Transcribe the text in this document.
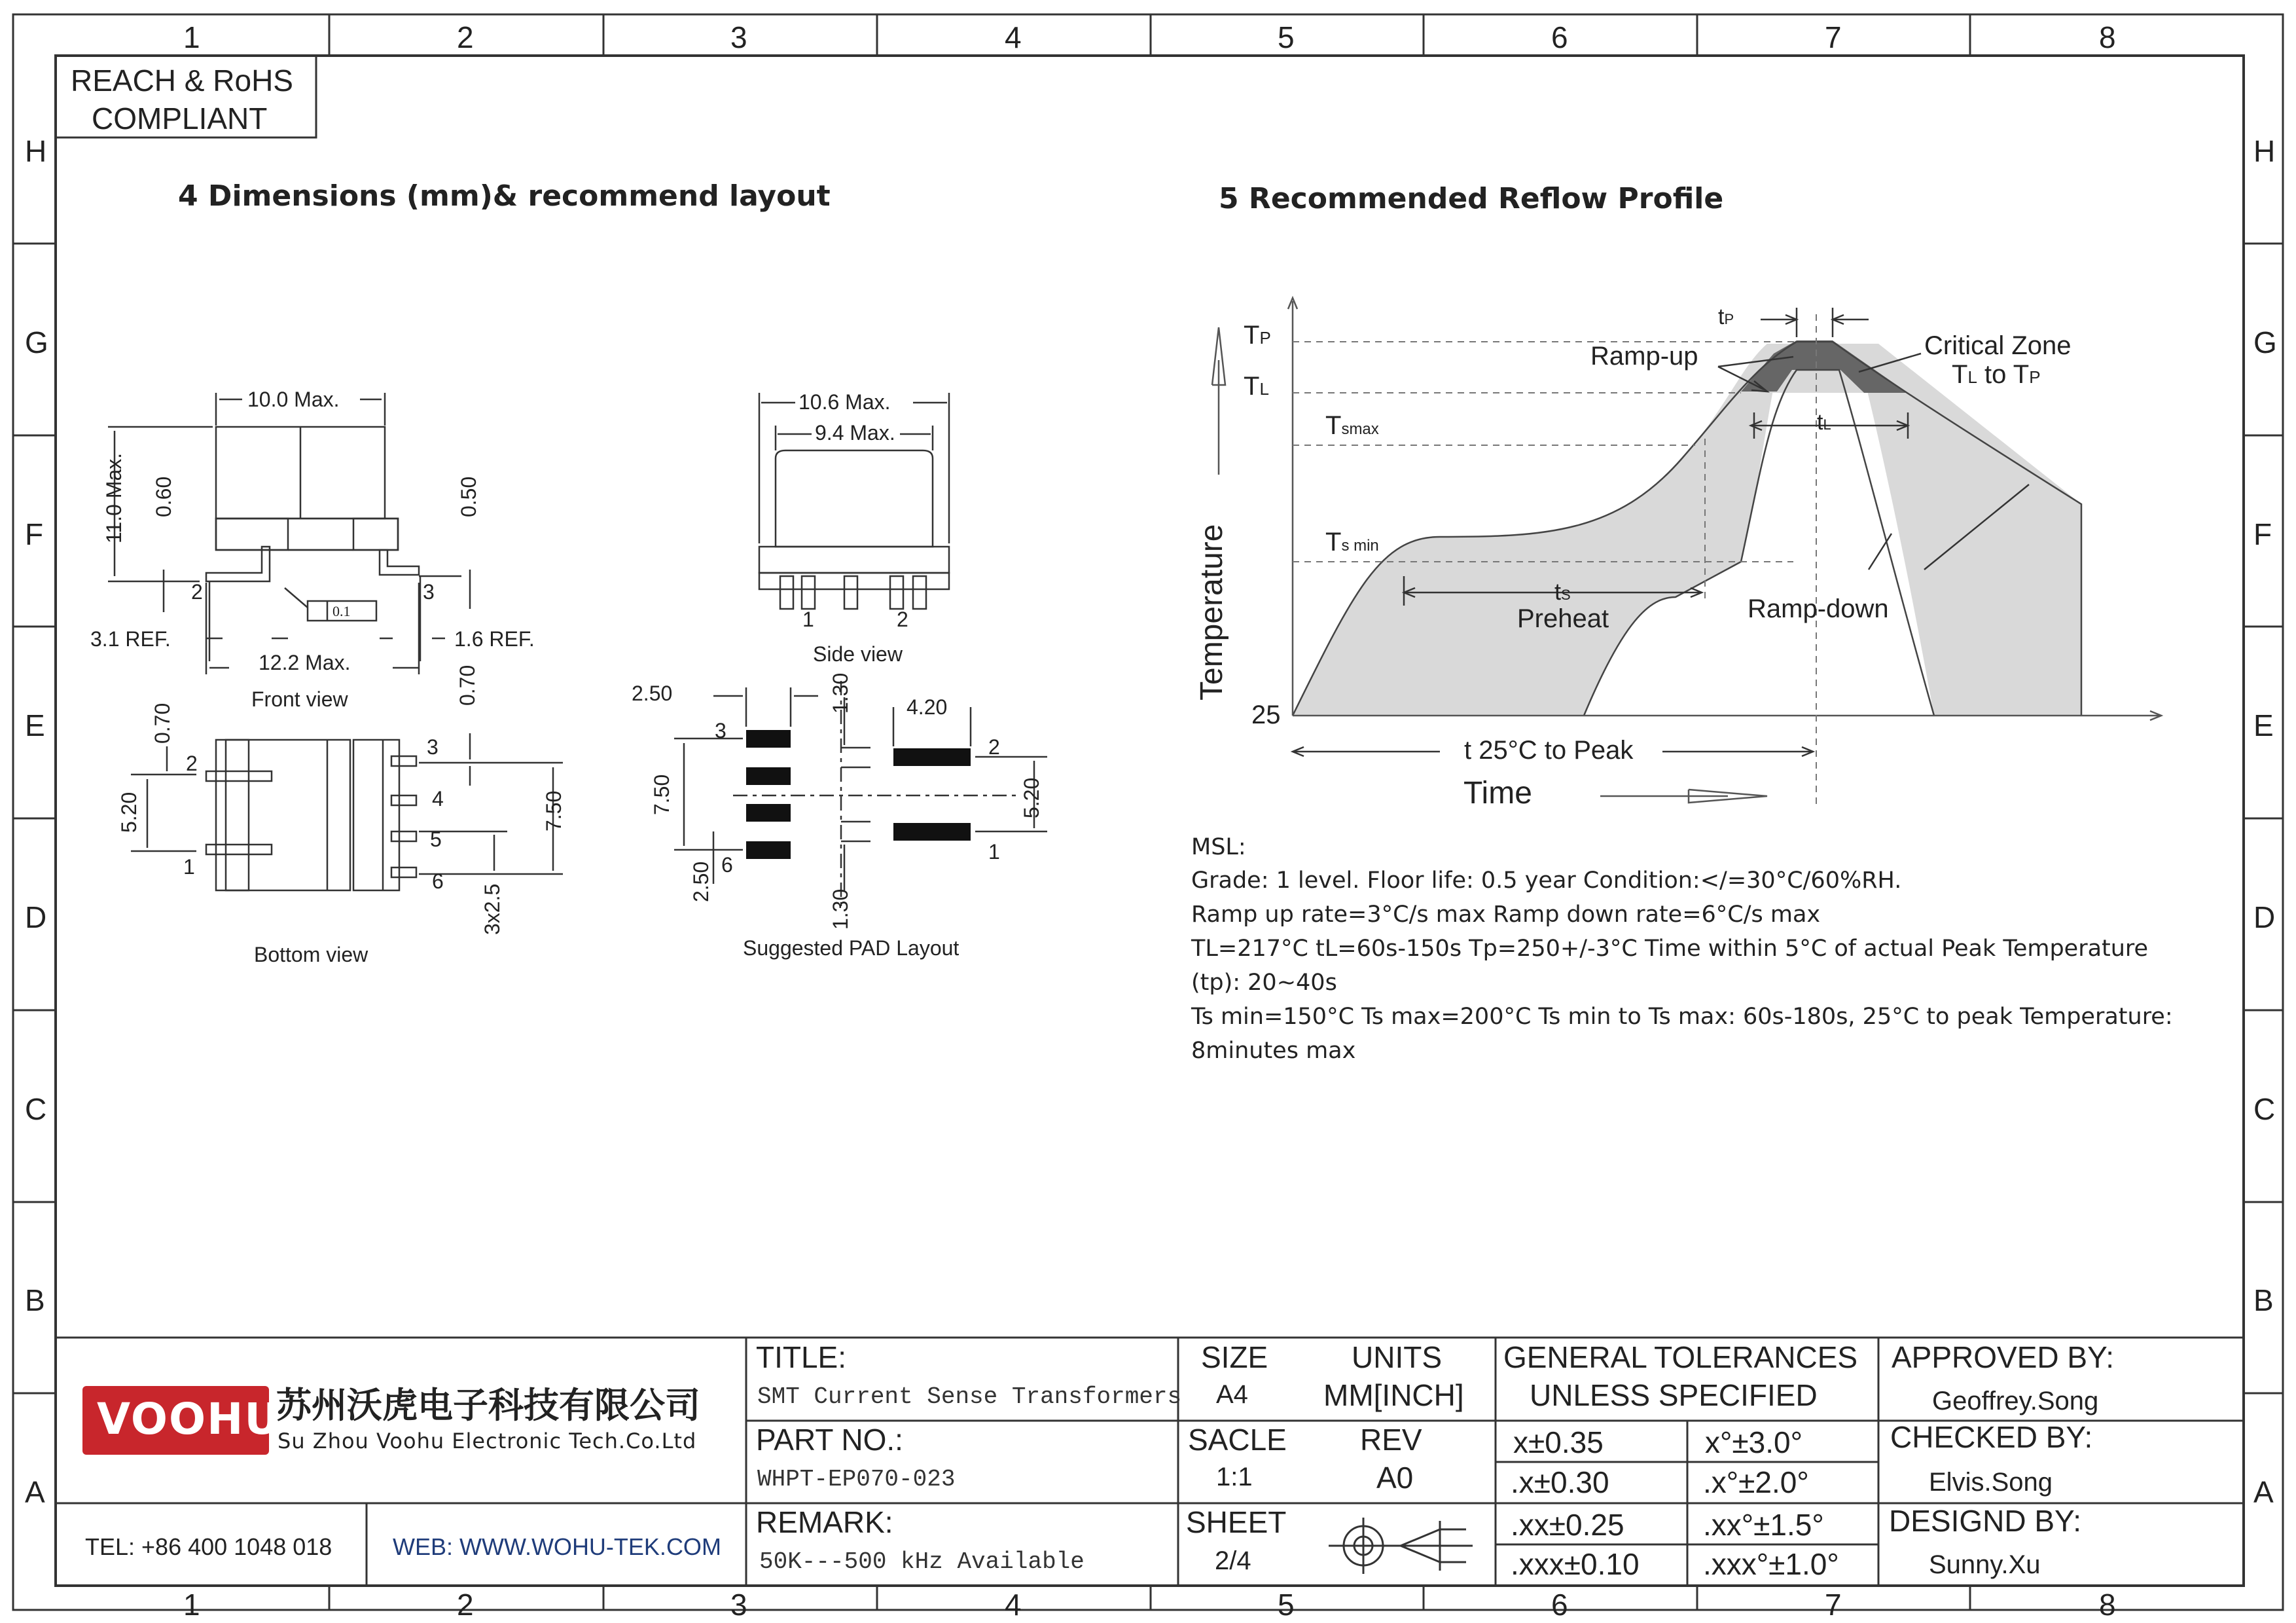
1	2	3	4	5	6	7	8
1	2	3	4	5	6	7	8
H
G
F
E
D
C
B
A
H
G
F
E
D
C
B
A
REACH & RoHS
COMPLIANT
4 Dimensions (mm)& recommend layout	5 Recommended Reflow Profile
10.0 Max.
11.0 Max. 0.60	0.50
2	3
0.1
3.1 REF.
12.2 Max.
1.6 REF.
Front view
10.6 Max.
9.4 Max.
Side view
0.70
5.20
0.70
7.50
3x2.5
1
2
3
4
5
6
Bottom view
2.50	1.30	4.20
7.50	5.20
2.50
1.30
1	2
3
6
1
2
Suggested PAD Layout
TP
TL
Tsmax
Ts min
25
Temperature
Time
tP
tL
tS
Ramp-up	Critical Zone
TL to TP
Preheat	Ramp-down
t 25°C to Peak
MSL:
Grade: 1 level. Floor life: 0.5 year Condition:</=30°C/60%RH.
Ramp up rate=3°C/s max Ramp down rate=6°C/s max
TL=217°C tL=60s-150s Tp=250+/-3°C Time within 5°C of actual Peak Temperature
(tp): 20~40s
Ts min=150°C Ts max=200°C Ts min to Ts max: 60s-180s, 25°C to peak Temperature:
8minutes max
VOOHU
苏州沃虎电子科技有限公司
Su Zhou Voohu Electronic Tech.Co.Ltd
TEL: +86 400 1048 018	WEB: WWW.WOHU-TEK.COM
TITLE:
SMT Current Sense Transformers
PART NO.:
WHPT-EP070-023
REMARK:
50K---500 kHz Available
SIZE
A4
SACLE
1:1
SHEET
2/4
UNITS
MM[INCH]
REV
A0
GENERAL TOLERANCES
UNLESS SPECIFIED
x±0.35	x°±3.0°
.x±0.30	.x°±2.0°
.xx±0.25	.xx°±1.5°
.xxx±0.10 .xxx°±1.0°
APPROVED BY:
Geoffrey.Song
CHECKED BY:
Elvis.Song
DESIGND BY:
Sunny.Xu
